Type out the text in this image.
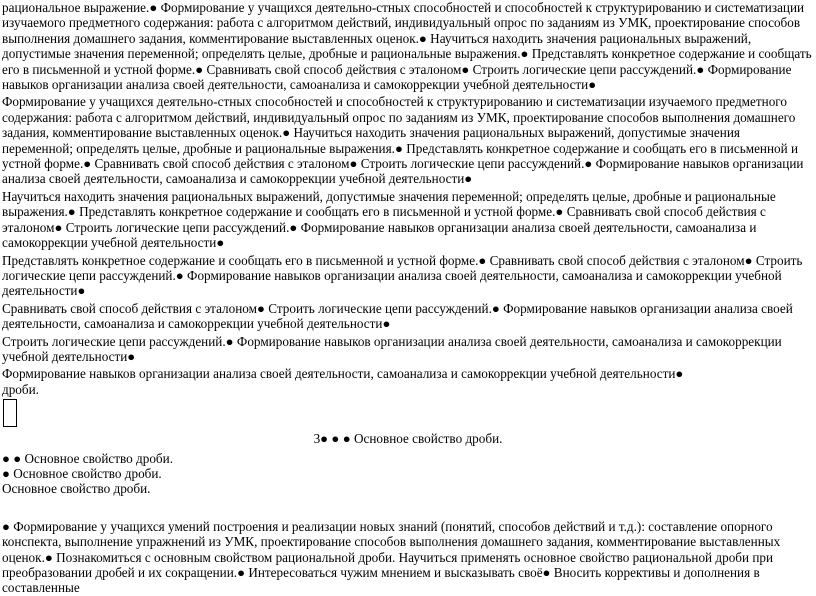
рациональное выражение.● Формирование у учащихся деятельно-стных способностей и способностей к структурированию и систематизации изучаемого предметного содержания: работа с алгоритмом действий, индивидуальный опрос по заданиям из УМК, проектирование способов выполнения домашнего задания, комментирование выставленных оценок.● Научиться находить значения рациональных выражений, допустимые значения переменной; определять целые, дробные и рациональные выражения.● Представлять конкретное содержание и сообщать его в письменной и устной форме.● Сравнивать свой способ действия с эталоном● Строить логические цепи рассуждений.● Формирование навыков организации анализа своей деятельности, самоанализа и самокоррекции учебной деятельности●

Формирование у учащихся деятельно-стных способностей и способностей к структурированию и систематизации изучаемого предметного содержания: работа с алгоритмом действий, индивидуальный опрос по заданиям из УМК, проектирование способов выполнения домашнего задания, комментирование выставленных оценок.● Научиться находить значения рациональных выражений, допустимые значения переменной; определять целые, дробные и рациональные выражения.● Представлять конкретное содержание и сообщать его в письменной и устной форме.● Сравнивать свой способ действия с эталоном● Строить логические цепи рассуждений.● Формирование навыков организации анализа своей деятельности, самоанализа и самокоррекции учебной деятельности●

Научиться находить значения рациональных выражений, допустимые значения переменной; определять целые, дробные и рациональные выражения.● Представлять конкретное содержание и сообщать его в письменной и устной форме.● Сравнивать свой способ действия с эталоном● Строить логические цепи рассуждений.● Формирование навыков организации анализа своей деятельности, самоанализа и самокоррекции учебной деятельности●

Представлять конкретное содержание и сообщать его в письменной и устной форме.● Сравнивать свой способ действия с эталоном● Строить логические цепи рассуждений.● Формирование навыков организации анализа своей деятельности, самоанализа и самокоррекции учебной деятельности●

Сравнивать свой способ действия с эталоном● Строить логические цепи рассуждений.● Формирование навыков организации анализа своей деятельности, самоанализа и самокоррекции учебной деятельности●

Строить логические цепи рассуждений.● Формирование навыков организации анализа своей деятельности, самоанализа и самокоррекции учебной деятельности●

Формирование навыков организации анализа своей деятельности, самоанализа и самокоррекции учебной деятельности●

дроби.

3● ● ● Основное свойство дроби.

● ● Основное свойство дроби.

● Основное свойство дроби.

Основное свойство дроби.

● Формирование у учащихся умений построения и реализации новых знаний (понятий, способов действий и т.д.): составление опорного конспекта, выполнение упражнений из УМК, проектирование способов выполнения домашнего задания, комментирование выставленных оценок.● Познакомиться с основным свойством рациональной дроби. Научиться применять основное свойство рациональной дроби при преобразовании дробей и их сокращении.● Интересоваться чужим мнением и высказывать своё● Вносить коррективы и дополнения в составленные
